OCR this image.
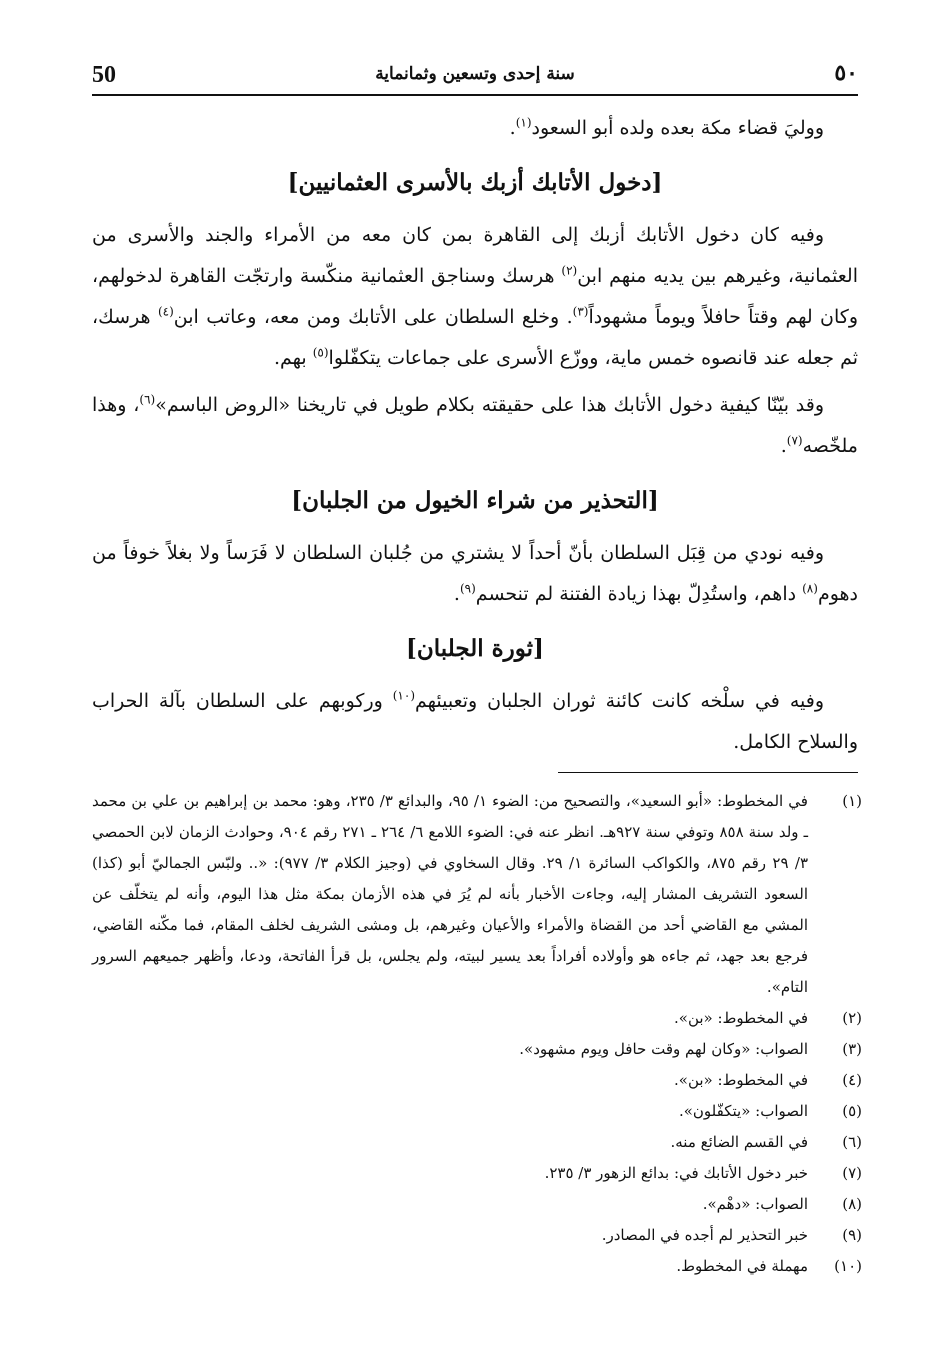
50	سنة إحدى وتسعين وثمانماية	٥٠

ووليَ قضاء مكة بعده ولده أبو السعود$^{(١)}$.

[دخول الأتابك أزبك بالأسرى العثمانيين]

وفيه كان دخول الأتابك أزبك إلى القاهرة بمن كان معه من الأمراء والجند والأسرى من العثمانية، وغيرهم بين يديه منهم ابن$^{(٢)}$ هرسك وسناجق العثمانية منكّسة وارتجّت القاهرة لدخولهم، وكان لهم وقتاً حافلاً ويوماً مشهوداً$^{(٣)}$. وخلع السلطان على الأتابك ومن معه، وعاتب ابن$^{(٤)}$ هرسك، ثم جعله عند قانصوه خمس ماية، ووزّع الأسرى على جماعات يتكفّلوا$^{(٥)}$ بهم.

وقد بيّنّا كيفية دخول الأتابك هذا على حقيقته بكلام طويل في تاريخنا «الروض الباسم»$^{(٦)}$، وهذا ملخّصه$^{(٧)}$.

[التحذير من شراء الخيول من الجلبان]

وفيه نودي من قِبَل السلطان بأنّ أحداً لا يشتري من جُلبان السلطان لا فَرَساً ولا بغلاً خوفاً من دهوم$^{(٨)}$ داهم، واستُدِلّ بهذا زيادة الفتنة لم تنحسم$^{(٩)}$.

[ثورة الجلبان]

وفيه في سلْخه كانت كائنة ثوران الجلبان وتعبيئهم$^{(١٠)}$ وركوبهم على السلطان بآلة الحراب والسلاح الكامل.

(١)
في المخطوط: «أبو السعيد»، والتصحيح من: الضوء ١/ ٩٥، والبدائع ٣/ ٢٣٥، وهو: محمد بن إبراهيم بن علي بن محمد ـ ولد سنة ٨٥٨ وتوفي سنة ٩٢٧هـ. انظر عنه في: الضوء اللامع ٦/ ٢٦٤ ـ ٢٧١ رقم ٩٠٤، وحوادث الزمان لابن الحمصي ٣/ ٢٩ رقم ٨٧٥، والكواكب السائرة ١/ ٢٩. وقال السخاوي في (وجيز الكلام ٣/ ٩٧٧): «.. ولبّس الجماليّ أبو (كذا) السعود التشريف المشار إليه، وجاءت الأخبار بأنه لم يُرَ في هذه الأزمان بمكة مثل هذا اليوم، وأنه لم يتخلّف عن المشي مع القاضي أحد من القضاة والأمراء والأعيان وغيرهم، بل ومشى الشريف لخلف المقام، فما مكّنه القاضي، فرجع بعد جهد، ثم جاءه هو وأولاده أفراداً بعد يسير لبيته، ولم يجلس، بل قرأ الفاتحة، ودعا، وأظهر جميعهم السرور التام».
(٢)
في المخطوط: «بن».
(٣)
الصواب: «وكان لهم وقت حافل ويوم مشهود».
(٤)
في المخطوط: «بن».
(٥)
الصواب: «يتكفّلون».
(٦)
في القسم الضائع منه.
(٧)
خبر دخول الأتابك في: بدائع الزهور ٣/ ٢٣٥.
(٨)
الصواب: «دهْم».
(٩)
خبر التحذير لم أجده في المصادر.
(١٠)
مهملة في المخطوط.
